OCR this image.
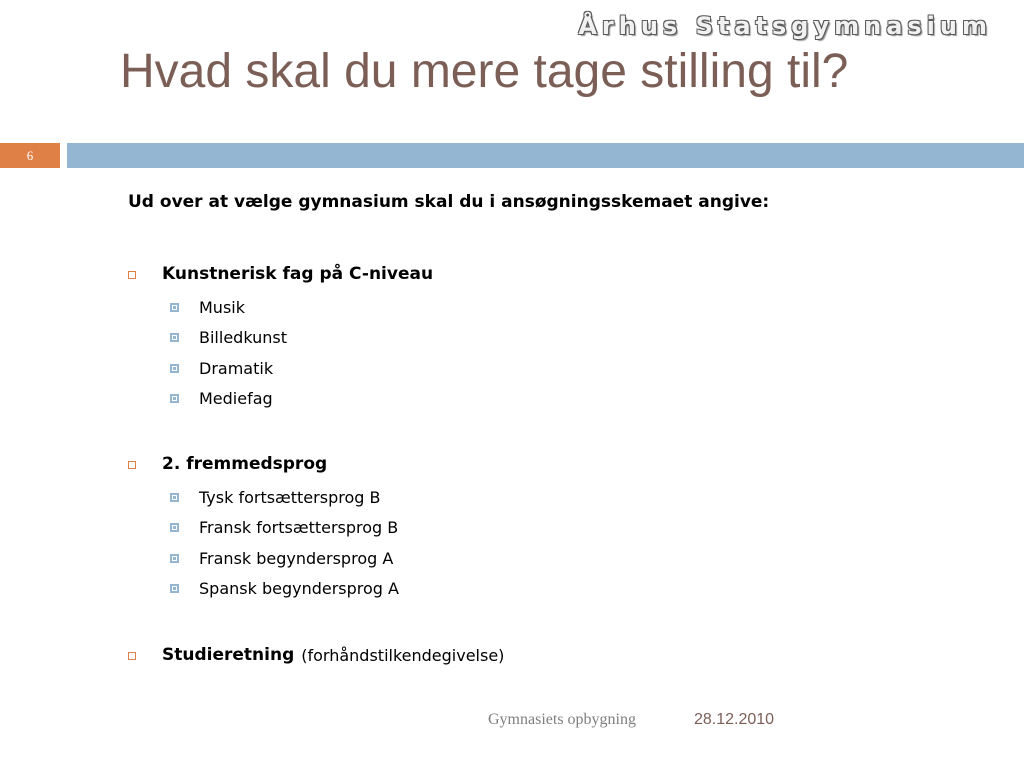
Århus Statsgymnasium
Hvad skal du mere tage stilling til?
6
Ud over at vælge gymnasium skal du i ansøgningsskemaet angive:
Kunstnerisk fag på C-niveau
Musik
Billedkunst
Dramatik
Mediefag
2. fremmedsprog
Tysk fortsættersprog B
Fransk fortsættersprog B
Fransk begyndersprog A
Spansk begyndersprog A
Studieretning (forhåndstilkendegivelse)
Gymnasiets opbygning	28.12.2010
